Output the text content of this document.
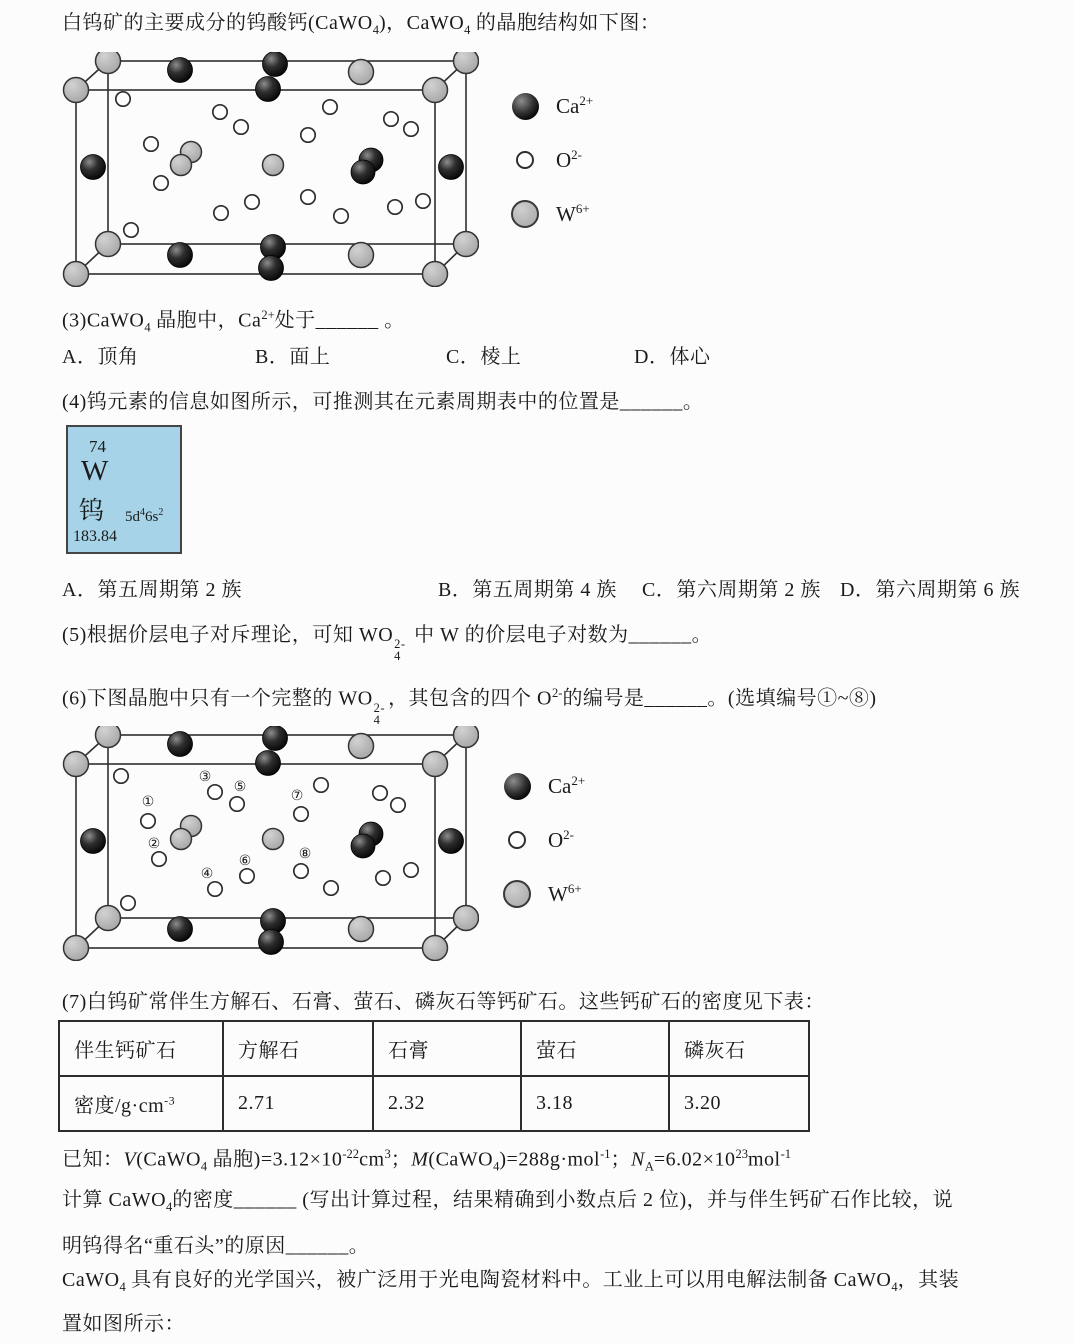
白钨矿的主要成分的钨酸钙(CaWO$_4$)，CaWO$_4$ 的晶胞结构如下图：
$Ca^{2+}$
$O^{2-}$
$W^{6+}$
(3)CaWO$_4$ 晶胞中，$Ca^{2+}$处于______ 。
A．顶角	B．面上	C．棱上	D．体心
(4)钨元素的信息如图所示，可推测其在元素周期表中的位置是______。
74
W
钨 $5d^46s^2$
183.84
A．第五周期第 2 族	B．第五周期第 4 族 C．第六周期第 2 族 D．第六周期第 6 族
(5)根据价层电子对斥理论，可知 WO 2-
4
中 W 的价层电子对数为______。
(6)下图晶胞中只有一个完整的 WO 2-
4
，其包含的四个 $O^{2-}$的编号是______。(选填编号①~⑧)
①
②
③
④
⑤
⑥
⑦
⑧
$Ca^{2+}$
$O^{2-}$
$W^{6+}$
(7)白钨矿常伴生方解石、石膏、萤石、磷灰石等钙矿石。这些钙矿石的密度见下表：
伴生钙矿石	方解石	石膏	萤石	磷灰石
密度$/g\cdot cm^{-3}$	2.71	2.32	3.18	3.20
已知：V(CaWO$_4$ 晶胞)$=3.12\times 10^{-22}cm^3$；M(CaWO$_4$)=288g·mol$^{-1}$；$N_A=6.02\times 10^{23}mol^{-1}$
计算 CaWO$_4$的密度______ (写出计算过程，结果精确到小数点后 2 位)，并与伴生钙矿石作比较，说
明钨得名“重石头”的原因______。
CaWO$_4$ 具有良好的光学国兴，被广泛用于光电陶瓷材料中。工业上可以用电解法制备 CaWO$_4$，其装
置如图所示：
